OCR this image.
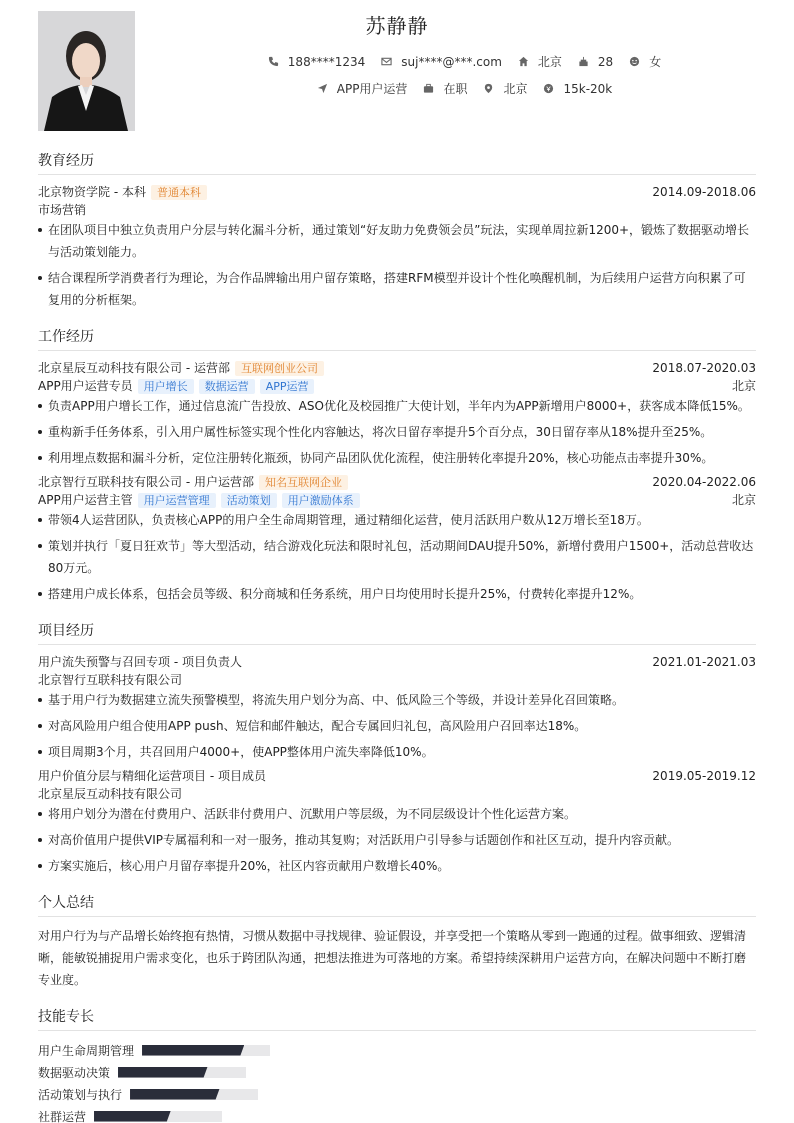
苏静静
188****1234	suj****@***.com	北京	28	女
APP用户运营	在职	北京	15k-20k
教育经历
北京物资学院 - 本科	普通本科	2014.09-2018.06
市场营销
在团队项目中独立负责用户分层与转化漏斗分析，通过策划“好友助力免费领会员”玩法，实现单周拉新1200+，锻炼了数据驱动增长与活动策划能力。
结合课程所学消费者行为理论，为合作品牌输出用户留存策略，搭建RFM模型并设计个性化唤醒机制，为后续用户运营方向积累了可复用的分析框架。
工作经历
北京星辰互动科技有限公司 - 运营部	互联网创业公司	2018.07-2020.03
APP用户运营专员	用户增长	数据运营	APP运营	北京
负责APP用户增长工作，通过信息流广告投放、ASO优化及校园推广大使计划，半年内为APP新增用户8000+，获客成本降低15%。
重构新手任务体系，引入用户属性标签实现个性化内容触达，将次日留存率提升5个百分点，30日留存率从18%提升至25%。
利用埋点数据和漏斗分析，定位注册转化瓶颈，协同产品团队优化流程，使注册转化率提升20%，核心功能点击率提升30%。
北京智行互联科技有限公司 - 用户运营部	知名互联网企业	2020.04-2022.06
APP用户运营主管	用户运营管理	活动策划	用户激励体系	北京
带领4人运营团队，负责核心APP的用户全生命周期管理，通过精细化运营，使月活跃用户数从12万增长至18万。
策划并执行「夏日狂欢节」等大型活动，结合游戏化玩法和限时礼包，活动期间DAU提升50%，新增付费用户1500+，活动总营收达80万元。
搭建用户成长体系，包括会员等级、积分商城和任务系统，用户日均使用时长提升25%，付费转化率提升12%。
项目经历
用户流失预警与召回专项 - 项目负责人	2021.01-2021.03
北京智行互联科技有限公司
基于用户行为数据建立流失预警模型，将流失用户划分为高、中、低风险三个等级，并设计差异化召回策略。
对高风险用户组合使用APP push、短信和邮件触达，配合专属回归礼包，高风险用户召回率达18%。
项目周期3个月，共召回用户4000+，使APP整体用户流失率降低10%。
用户价值分层与精细化运营项目 - 项目成员	2019.05-2019.12
北京星辰互动科技有限公司
将用户划分为潜在付费用户、活跃非付费用户、沉默用户等层级，为不同层级设计个性化运营方案。
对高价值用户提供VIP专属福利和一对一服务，推动其复购；对活跃用户引导参与话题创作和社区互动，提升内容贡献。
方案实施后，核心用户月留存率提升20%，社区内容贡献用户数增长40%。
个人总结

对用户行为与产品增长始终抱有热情，习惯从数据中寻找规律、验证假设，并享受把一个策略从零到一跑通的过程。做事细致、逻辑清晰，能敏锐捕捉用户需求变化，也乐于跨团队沟通，把想法推进为可落地的方案。希望持续深耕用户运营方向，在解决问题中不断打磨专业度。

技能专长
用户生命周期管理
数据驱动决策
活动策划与执行
社群运营
